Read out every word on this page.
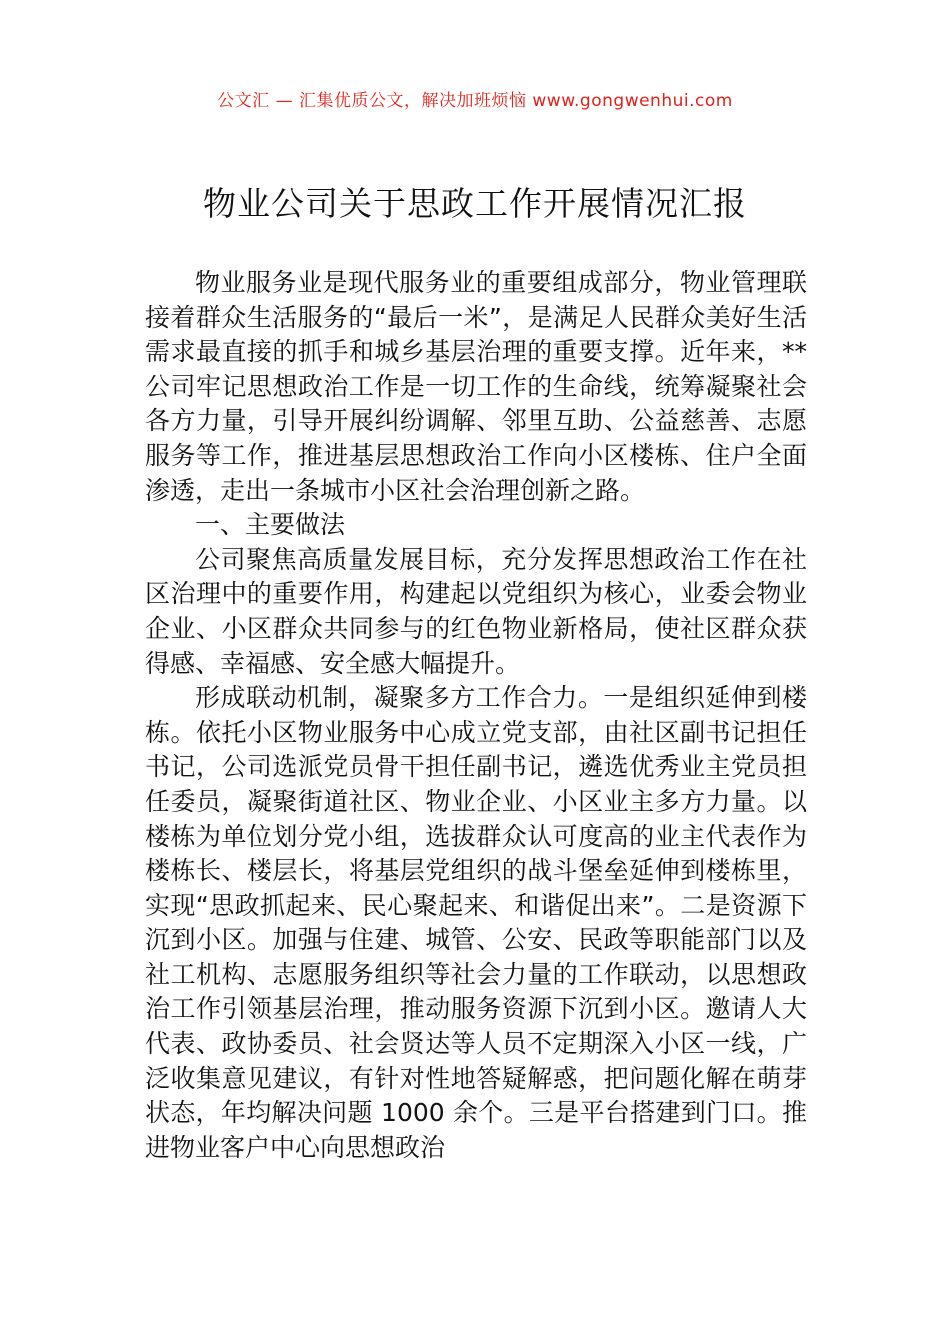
公文汇 — 汇集优质公文，解决加班烦恼 www.gongwenhui.com
物业公司关于思政工作开展情况汇报

物业服务业是现代服务业的重要组成部分，物业管理联接着群众生活服务的“最后一米”，是满足人民群众美好生活需求最直接的抓手和城乡基层治理的重要支撑。近年来，**公司牢记思想政治工作是一切工作的生命线，统筹凝聚社会各方力量，引导开展纠纷调解、邻里互助、公益慈善、志愿服务等工作，推进基层思想政治工作向小区楼栋、住户全面渗透，走出一条城市小区社会治理创新之路。

一、主要做法

公司聚焦高质量发展目标，充分发挥思想政治工作在社区治理中的重要作用，构建起以党组织为核心，业委会物业企业、小区群众共同参与的红色物业新格局，使社区群众获得感、幸福感、安全感大幅提升。

形成联动机制，凝聚多方工作合力。一是组织延伸到楼栋。依托小区物业服务中心成立党支部，由社区副书记担任书记，公司选派党员骨干担任副书记，遴选优秀业主党员担任委员，凝聚街道社区、物业企业、小区业主多方力量。以楼栋为单位划分党小组，选拔群众认可度高的业主代表作为楼栋长、楼层长，将基层党组织的战斗堡垒延伸到楼栋里，实现“思政抓起来、民心聚起来、和谐促出来”。二是资源下沉到小区。加强与住建、城管、公安、民政等职能部门以及社工机构、志愿服务组织等社会力量的工作联动，以思想政治工作引领基层治理，推动服务资源下沉到小区。邀请人大代表、政协委员、社会贤达等人员不定期深入小区一线，广泛收集意见建议，有针对性地答疑解惑，把问题化解在萌芽状态，年均解决问题 1000 余个。三是平台搭建到门口。推进物业客户中心向思想政治
